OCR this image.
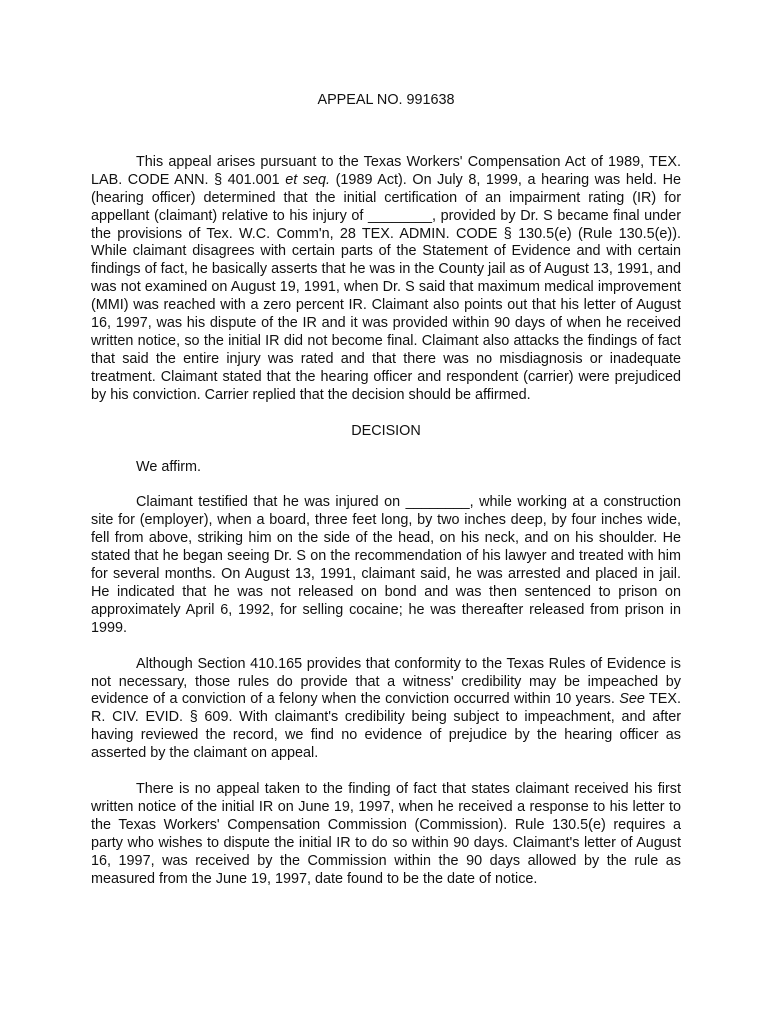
APPEAL NO. 991638

This appeal arises pursuant to the Texas Workers' Compensation Act of 1989, TEX. LAB. CODE ANN. § 401.001 et seq. (1989 Act). On July 8, 1999, a hearing was held. He (hearing officer) determined that the initial certification of an impairment rating (IR) for appellant (claimant) relative to his injury of ________, provided by Dr. S became final under the provisions of Tex. W.C. Comm'n, 28 TEX. ADMIN. CODE § 130.5(e) (Rule 130.5(e)). While claimant disagrees with certain parts of the Statement of Evidence and with certain findings of fact, he basically asserts that he was in the County jail as of August 13, 1991, and was not examined on August 19, 1991, when Dr. S said that maximum medical improvement (MMI) was reached with a zero percent IR. Claimant also points out that his letter of August 16, 1997, was his dispute of the IR and it was provided within 90 days of when he received written notice, so the initial IR did not become final. Claimant also attacks the findings of fact that said the entire injury was rated and that there was no misdiagnosis or inadequate treatment. Claimant stated that the hearing officer and respondent (carrier) were prejudiced by his conviction. Carrier replied that the decision should be affirmed.

DECISION

We affirm.

Claimant testified that he was injured on ________, while working at a construction site for (employer), when a board, three feet long, by two inches deep, by four inches wide, fell from above, striking him on the side of the head, on his neck, and on his shoulder. He stated that he began seeing Dr. S on the recommendation of his lawyer and treated with him for several months. On August 13, 1991, claimant said, he was arrested and placed in jail. He indicated that he was not released on bond and was then sentenced to prison on approximately April 6, 1992, for selling cocaine; he was thereafter released from prison in 1999.

Although Section 410.165 provides that conformity to the Texas Rules of Evidence is not necessary, those rules do provide that a witness' credibility may be impeached by evidence of a conviction of a felony when the conviction occurred within 10 years. See TEX. R. CIV. EVID. § 609. With claimant's credibility being subject to impeachment, and after having reviewed the record, we find no evidence of prejudice by the hearing officer as asserted by the claimant on appeal.

There is no appeal taken to the finding of fact that states claimant received his first written notice of the initial IR on June 19, 1997, when he received a response to his letter to the Texas Workers' Compensation Commission (Commission). Rule 130.5(e) requires a party who wishes to dispute the initial IR to do so within 90 days. Claimant's letter of August 16, 1997, was received by the Commission within the 90 days allowed by the rule as measured from the June 19, 1997, date found to be the date of notice.
